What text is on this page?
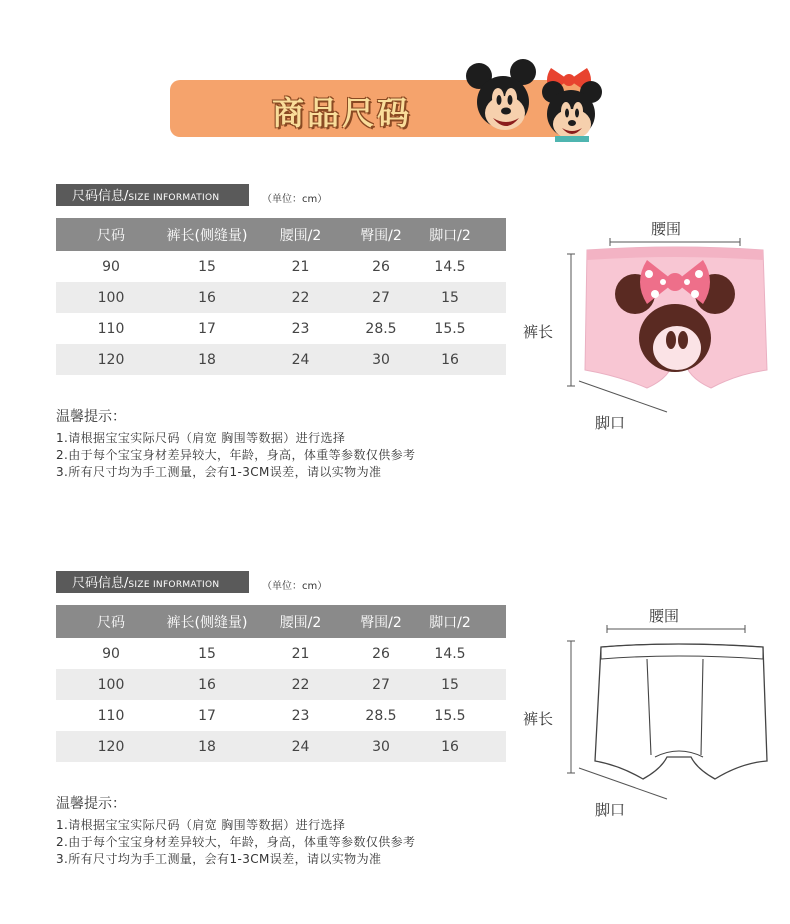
商品尺码
尺码信息/SIZE INFORMATION	（单位：cm）
尺码	裤长(侧缝量)	腰围/2	臀围/2	脚口/2	
90	15	21	26	14.5	
100	16	22	27	15	
110	17	23	28.5	15.5	
120	18	24	30	16	
温馨提示：
1.请根据宝宝实际尺码（肩宽 胸围等数据）进行选择
2.由于每个宝宝身材差异较大，年龄，身高，体重等参数仅供参考
3.所有尺寸均为手工测量，会有1-3CM误差，请以实物为准
腰围
裤长
脚口
尺码信息/SIZE INFORMATION	（单位：cm）
尺码	裤长(侧缝量)	腰围/2	臀围/2	脚口/2	
90	15	21	26	14.5	
100	16	22	27	15	
110	17	23	28.5	15.5	
120	18	24	30	16	
温馨提示：
1.请根据宝宝实际尺码（肩宽 胸围等数据）进行选择
2.由于每个宝宝身材差异较大，年龄，身高，体重等参数仅供参考
3.所有尺寸均为手工测量，会有1-3CM误差，请以实物为准
腰围
裤长
脚口
